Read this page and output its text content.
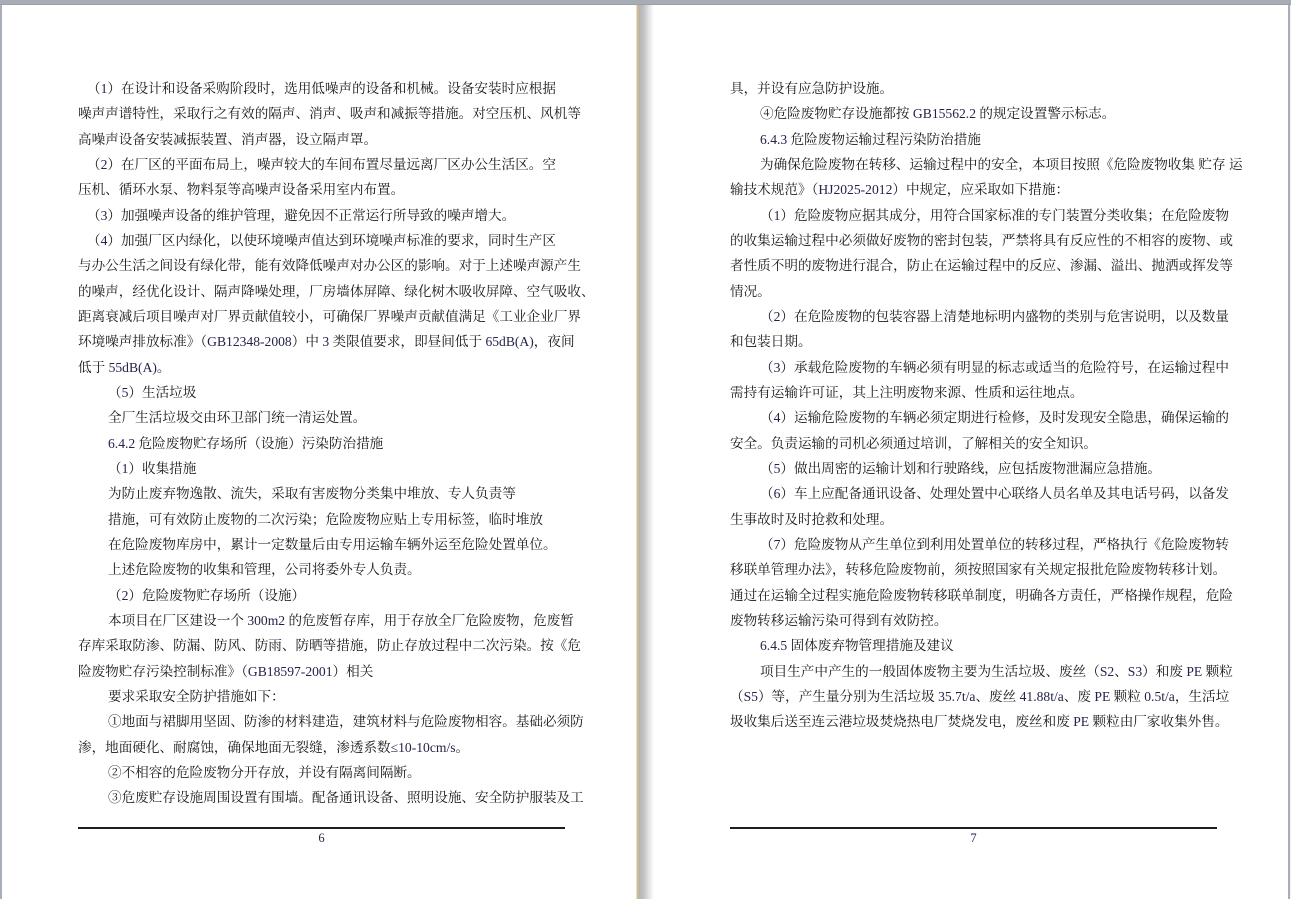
（1）在设计和设备采购阶段时，选用低噪声的设备和机械。设备安装时应根据
噪声声谱特性，采取行之有效的隔声、消声、吸声和减振等措施。对空压机、风机等
高噪声设备安装减振装置、消声器，设立隔声罩。
（2）在厂区的平面布局上，噪声较大的车间布置尽量远离厂区办公生活区。空
压机、循环水泵、物料泵等高噪声设备采用室内布置。
（3）加强噪声设备的维护管理，避免因不正常运行所导致的噪声增大。
（4）加强厂区内绿化，以使环境噪声值达到环境噪声标准的要求，同时生产区
与办公生活之间设有绿化带，能有效降低噪声对办公区的影响。对于上述噪声源产生
的噪声，经优化设计、隔声降噪处理，厂房墙体屏障、绿化树木吸收屏障、空气吸收、
距离衰减后项目噪声对厂界贡献值较小，可确保厂界噪声贡献值满足《工业企业厂界
环境噪声排放标准》（GB12348-2008）中 3 类限值要求，即昼间低于 65dB(A)，夜间
低于 55dB(A)。
（5）生活垃圾
全厂生活垃圾交由环卫部门统一清运处置。
6.4.2 危险废物贮存场所（设施）污染防治措施
（1）收集措施
为防止废弃物逸散、流失，采取有害废物分类集中堆放、专人负责等
措施，可有效防止废物的二次污染；危险废物应贴上专用标签，临时堆放
在危险废物库房中，累计一定数量后由专用运输车辆外运至危险处置单位。
上述危险废物的收集和管理，公司将委外专人负责。
（2）危险废物贮存场所（设施）
本项目在厂区建设一个 300m2 的危废暂存库，用于存放全厂危险废物，危废暂
存库采取防渗、防漏、防风、防雨、防晒等措施，防止存放过程中二次污染。按《危
险废物贮存污染控制标准》（GB18597-2001）相关
要求采取安全防护措施如下：
①地面与裙脚用坚固、防渗的材料建造，建筑材料与危险废物相容。基础必须防
渗，地面硬化、耐腐蚀，确保地面无裂缝，渗透系数≤10-10cm/s。
②不相容的危险废物分开存放，并设有隔离间隔断。
③危废贮存设施周围设置有围墙。配备通讯设备、照明设施、安全防护服装及工
6
具，并设有应急防护设施。
④危险废物贮存设施都按 GB15562.2 的规定设置警示标志。
6.4.3 危险废物运输过程污染防治措施
为确保危险废物在转移、运输过程中的安全，本项目按照《危险废物收集 贮存 运
输技术规范》（HJ2025-2012）中规定，应采取如下措施：
（1）危险废物应据其成分，用符合国家标准的专门装置分类收集；在危险废物
的收集运输过程中必须做好废物的密封包装，严禁将具有反应性的不相容的废物、或
者性质不明的废物进行混合，防止在运输过程中的反应、渗漏、溢出、抛洒或挥发等
情况。
（2）在危险废物的包装容器上清楚地标明内盛物的类别与危害说明，以及数量
和包装日期。
（3）承载危险废物的车辆必须有明显的标志或适当的危险符号，在运输过程中
需持有运输许可证，其上注明废物来源、性质和运往地点。
（4）运输危险废物的车辆必须定期进行检修，及时发现安全隐患，确保运输的
安全。负责运输的司机必须通过培训，了解相关的安全知识。
（5）做出周密的运输计划和行驶路线，应包括废物泄漏应急措施。
（6）车上应配备通讯设备、处理处置中心联络人员名单及其电话号码，以备发
生事故时及时抢救和处理。
（7）危险废物从产生单位到利用处置单位的转移过程，严格执行《危险废物转
移联单管理办法》，转移危险废物前，须按照国家有关规定报批危险废物转移计划。
通过在运输全过程实施危险废物转移联单制度，明确各方责任，严格操作规程，危险
废物转移运输污染可得到有效防控。
6.4.5 固体废弃物管理措施及建议
项目生产中产生的一般固体废物主要为生活垃圾、废丝（S2、S3）和废 PE 颗粒
（S5）等，产生量分别为生活垃圾 35.7t/a、废丝 41.88t/a、废 PE 颗粒 0.5t/a，生活垃
圾收集后送至连云港垃圾焚烧热电厂焚烧发电，废丝和废 PE 颗粒由厂家收集外售。
7
